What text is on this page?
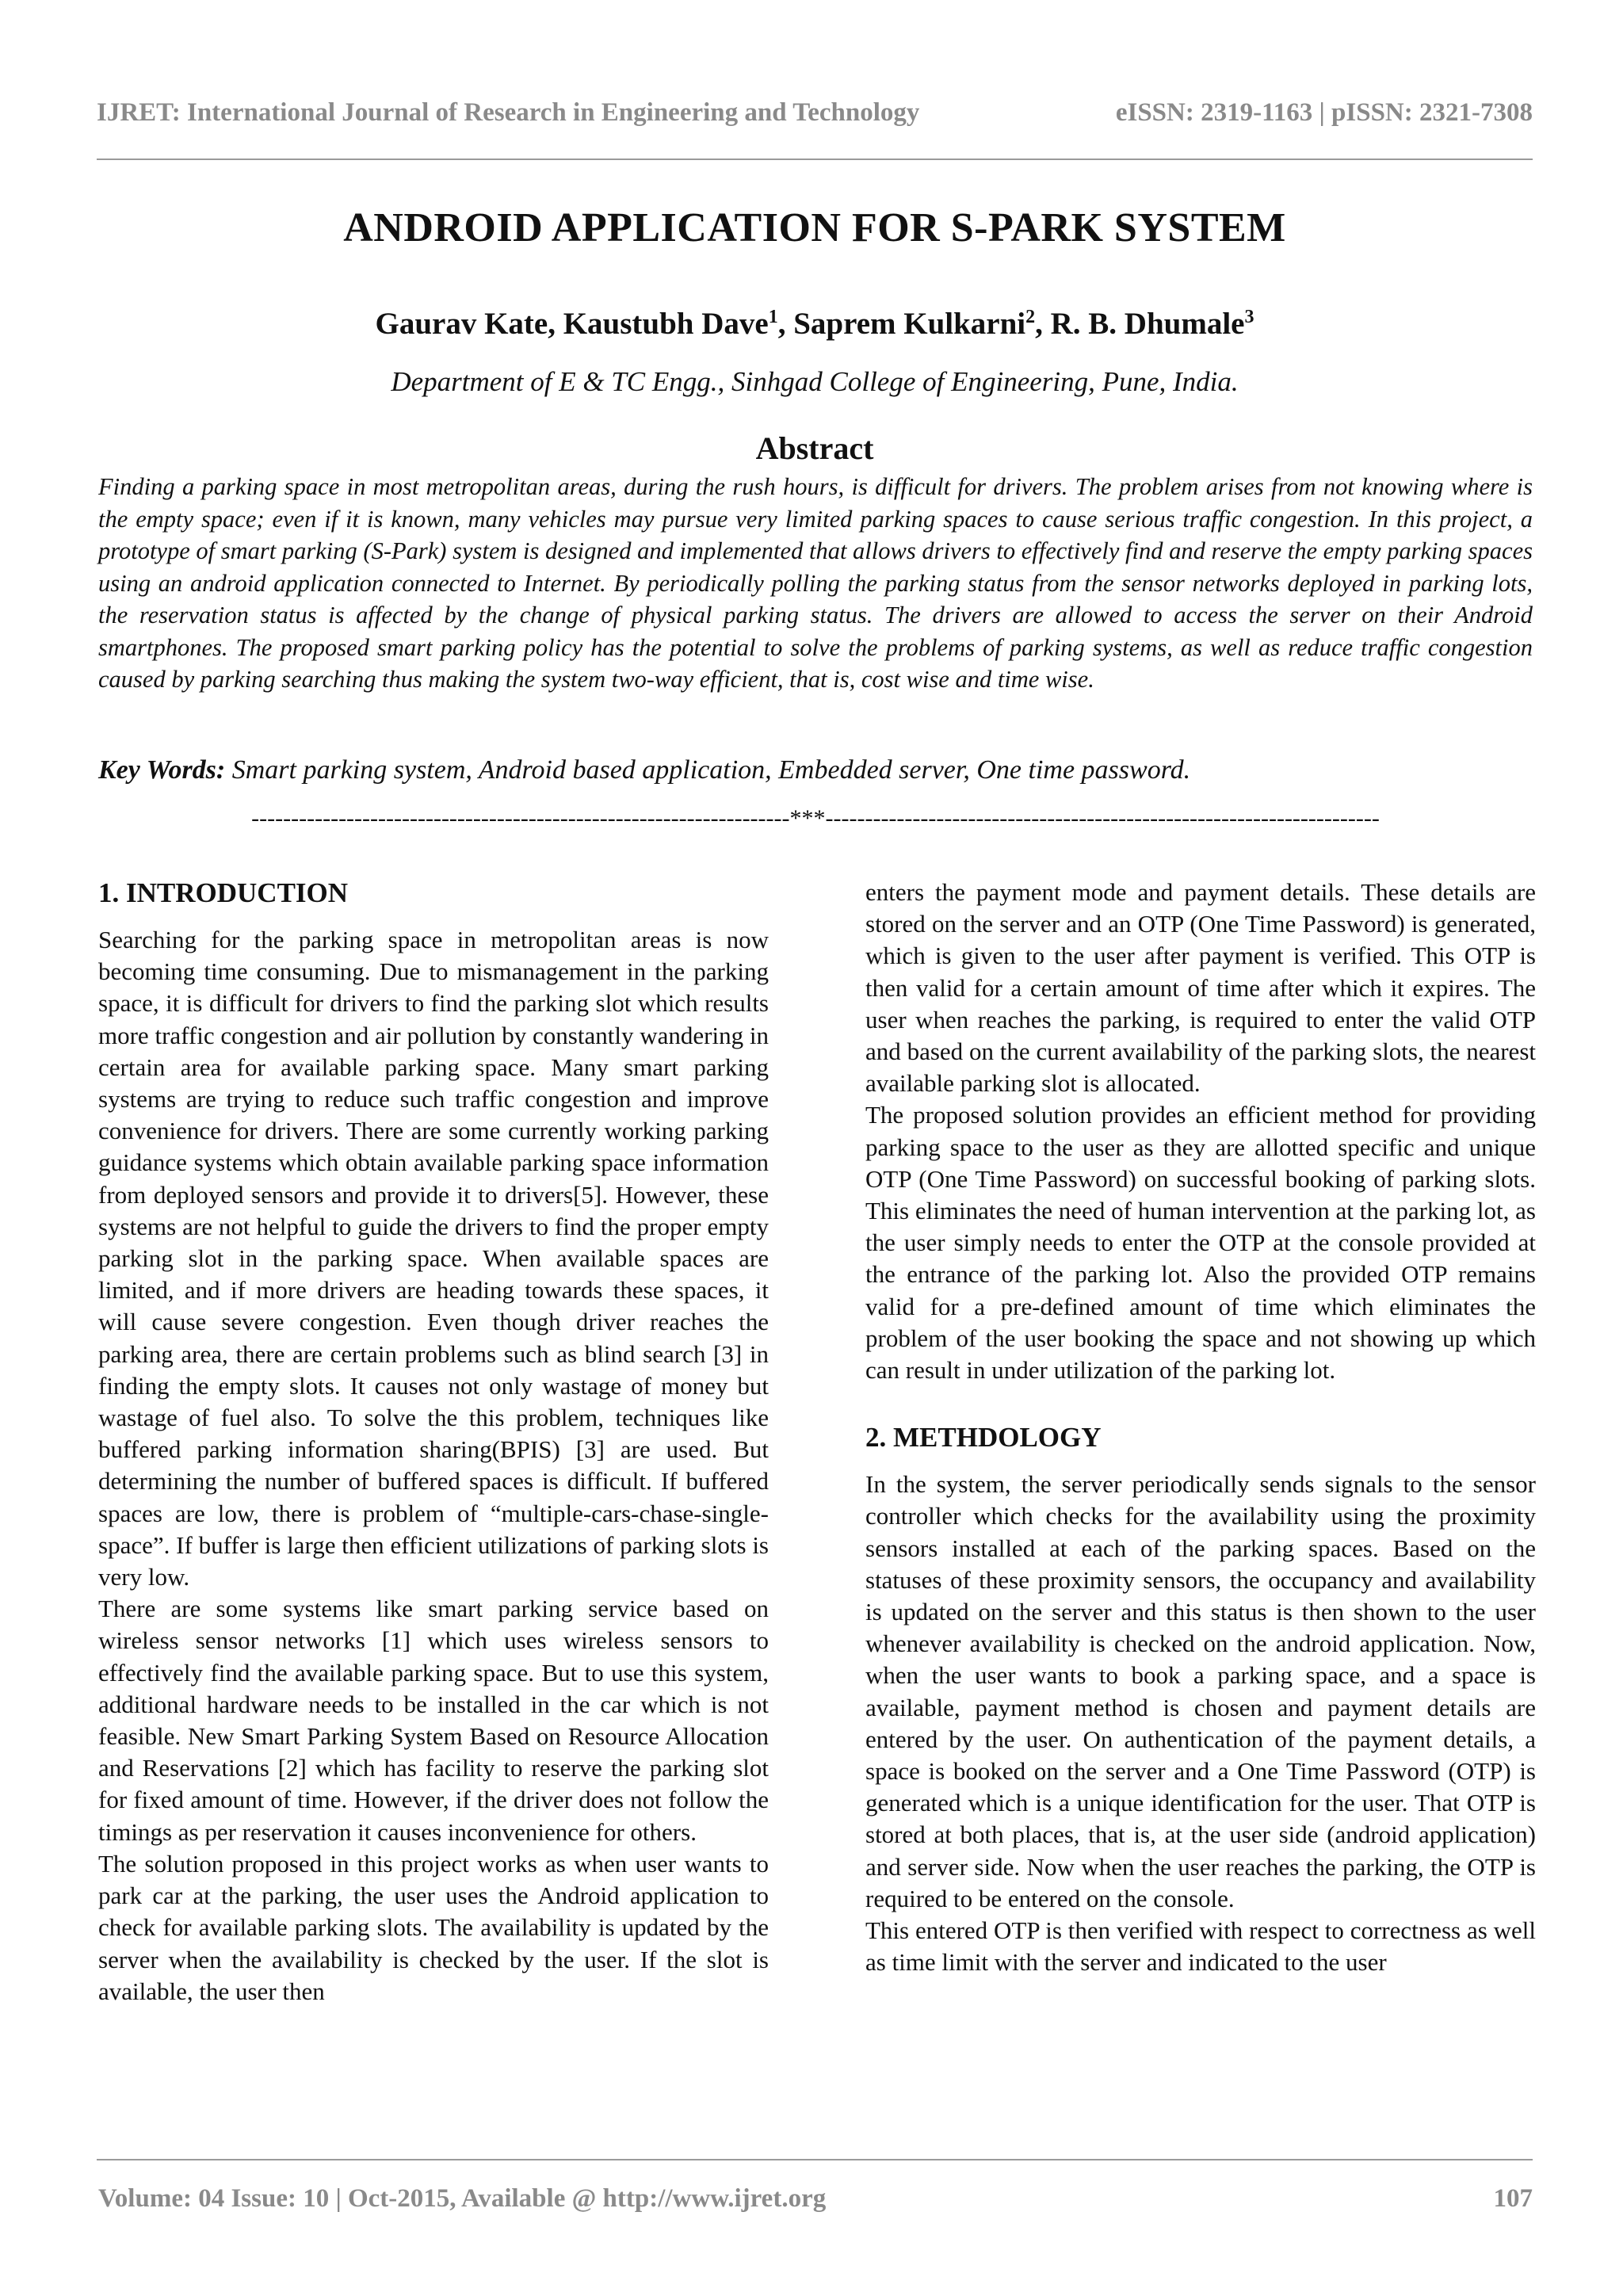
IJRET: International Journal of Research in Engineering and Technology	eISSN: 2319-1163 | pISSN: 2321-7308
ANDROID APPLICATION FOR S-PARK SYSTEM
Gaurav Kate, Kaustubh Dave$^1$, Saprem Kulkarni$^2$, R. B. Dhumale$^3$
Department of E & TC Engg., Sinhgad College of Engineering, Pune, India.
Abstract

Finding a parking space in most metropolitan areas, during the rush hours, is difficult for drivers. The problem arises from not knowing where is the empty space; even if it is known, many vehicles may pursue very limited parking spaces to cause serious traffic congestion. In this project, a prototype of smart parking (S-Park) system is designed and implemented that allows drivers to effectively find and reserve the empty parking spaces using an android application connected to Internet. By periodically polling the parking status from the sensor networks deployed in parking lots, the reservation status is affected by the change of physical parking status. The drivers are allowed to access the server on their Android smartphones. The proposed smart parking policy has the potential to solve the problems of parking systems, as well as reduce traffic congestion caused by parking searching thus making the system two-way efficient, that is, cost wise and time wise.

Key Words: Smart parking system, Android based application, Embedded server, One time password.
--------------------------------------------------------------------***----------------------------------------------------------------------
1. INTRODUCTION

Searching for the parking space in metropolitan areas is now becoming time consuming. Due to mismanagement in the parking space, it is difficult for drivers to find the parking slot which results more traffic congestion and air pollution by constantly wandering in certain area for available parking space. Many smart parking systems are trying to reduce such traffic congestion and improve convenience for drivers. There are some currently working parking guidance systems which obtain available parking space information from deployed sensors and provide it to drivers[5]. However, these systems are not helpful to guide the drivers to find the proper empty parking slot in the parking space. When available spaces are limited, and if more drivers are heading towards these spaces, it will cause severe congestion. Even though driver reaches the parking area, there are certain problems such as blind search [3] in finding the empty slots. It causes not only wastage of money but wastage of fuel also. To solve the this problem, techniques like buffered parking information sharing(BPIS) [3] are used. But determining the number of buffered spaces is difficult. If buffered spaces are low, there is problem of “multiple-cars-chase-single-space”. If buffer is large then efficient utilizations of parking slots is very low.

There are some systems like smart parking service based on wireless sensor networks [1] which uses wireless sensors to effectively find the available parking space. But to use this system, additional hardware needs to be installed in the car which is not feasible. New Smart Parking System Based on Resource Allocation and Reservations [2] which has facility to reserve the parking slot for fixed amount of time. However, if the driver does not follow the timings as per reservation it causes inconvenience for others.

The solution proposed in this project works as when user wants to park car at the parking, the user uses the Android application to check for available parking slots. The availability is updated by the server when the availability is checked by the user. If the slot is available, the user then

enters the payment mode and payment details. These details are stored on the server and an OTP (One Time Password) is generated, which is given to the user after payment is verified. This OTP is then valid for a certain amount of time after which it expires. The user when reaches the parking, is required to enter the valid OTP and based on the current availability of the parking slots, the nearest available parking slot is allocated.

The proposed solution provides an efficient method for providing parking space to the user as they are allotted specific and unique OTP (One Time Password) on successful booking of parking slots. This eliminates the need of human intervention at the parking lot, as the user simply needs to enter the OTP at the console provided at the entrance of the parking lot. Also the provided OTP remains valid for a pre-defined amount of time which eliminates the problem of the user booking the space and not showing up which can result in under utilization of the parking lot.

2. METHDOLOGY

In the system, the server periodically sends signals to the sensor controller which checks for the availability using the proximity sensors installed at each of the parking spaces. Based on the statuses of these proximity sensors, the occupancy and availability is updated on the server and this status is then shown to the user whenever availability is checked on the android application. Now, when the user wants to book a parking space, and a space is available, payment method is chosen and payment details are entered by the user. On authentication of the payment details, a space is booked on the server and a One Time Password (OTP) is generated which is a unique identification for the user. That OTP is stored at both places, that is, at the user side (android application) and server side. Now when the user reaches the parking, the OTP is required to be entered on the console.

This entered OTP is then verified with respect to correctness as well as time limit with the server and indicated to the user

Volume: 04 Issue: 10 | Oct-2015, Available @ http://www.ijret.org	107
